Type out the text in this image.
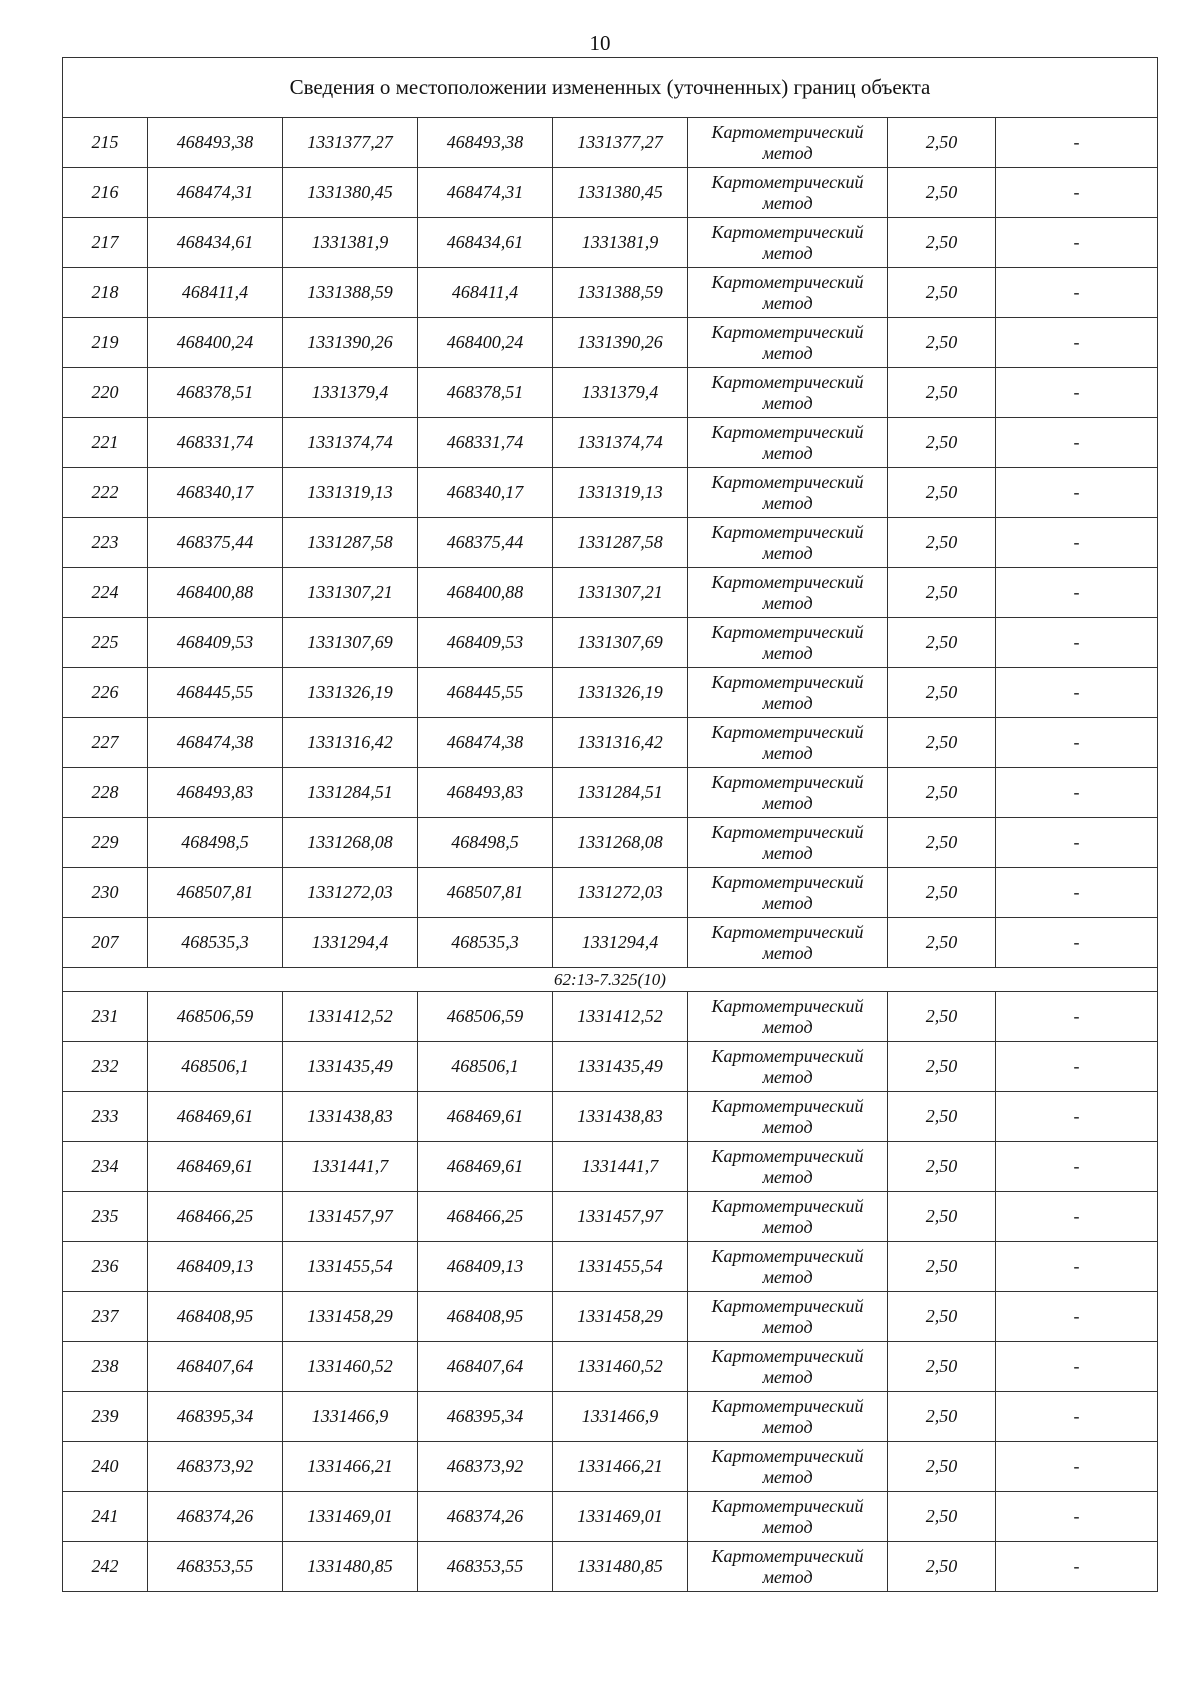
10
Сведения о местоположении измененных (уточненных) границ объекта							
215	468493,38	1331377,27	468493,38	1331377,27	Картометрический метод	2,50	-
216	468474,31	1331380,45	468474,31	1331380,45	Картометрический метод	2,50	-
217	468434,61	1331381,9	468434,61	1331381,9	Картометрический метод	2,50	-
218	468411,4	1331388,59	468411,4	1331388,59	Картометрический метод	2,50	-
219	468400,24	1331390,26	468400,24	1331390,26	Картометрический метод	2,50	-
220	468378,51	1331379,4	468378,51	1331379,4	Картометрический метод	2,50	-
221	468331,74	1331374,74	468331,74	1331374,74	Картометрический метод	2,50	-
222	468340,17	1331319,13	468340,17	1331319,13	Картометрический метод	2,50	-
223	468375,44	1331287,58	468375,44	1331287,58	Картометрический метод	2,50	-
224	468400,88	1331307,21	468400,88	1331307,21	Картометрический метод	2,50	-
225	468409,53	1331307,69	468409,53	1331307,69	Картометрический метод	2,50	-
226	468445,55	1331326,19	468445,55	1331326,19	Картометрический метод	2,50	-
227	468474,38	1331316,42	468474,38	1331316,42	Картометрический метод	2,50	-
228	468493,83	1331284,51	468493,83	1331284,51	Картометрический метод	2,50	-
229	468498,5	1331268,08	468498,5	1331268,08	Картометрический метод	2,50	-
230	468507,81	1331272,03	468507,81	1331272,03	Картометрический метод	2,50	-
207	468535,3	1331294,4	468535,3	1331294,4	Картометрический метод	2,50	-
62:13-7.325(10)							
231	468506,59	1331412,52	468506,59	1331412,52	Картометрический метод	2,50	-
232	468506,1	1331435,49	468506,1	1331435,49	Картометрический метод	2,50	-
233	468469,61	1331438,83	468469,61	1331438,83	Картометрический метод	2,50	-
234	468469,61	1331441,7	468469,61	1331441,7	Картометрический метод	2,50	-
235	468466,25	1331457,97	468466,25	1331457,97	Картометрический метод	2,50	-
236	468409,13	1331455,54	468409,13	1331455,54	Картометрический метод	2,50	-
237	468408,95	1331458,29	468408,95	1331458,29	Картометрический метод	2,50	-
238	468407,64	1331460,52	468407,64	1331460,52	Картометрический метод	2,50	-
239	468395,34	1331466,9	468395,34	1331466,9	Картометрический метод	2,50	-
240	468373,92	1331466,21	468373,92	1331466,21	Картометрический метод	2,50	-
241	468374,26	1331469,01	468374,26	1331469,01	Картометрический метод	2,50	-
242	468353,55	1331480,85	468353,55	1331480,85	Картометрический метод	2,50	-
